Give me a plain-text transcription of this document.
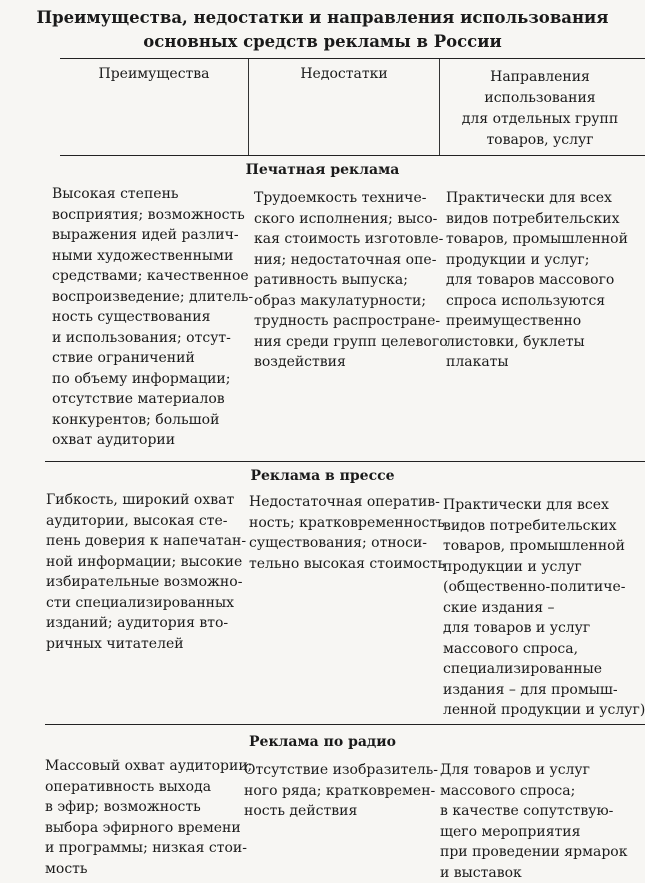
Преимущества, недостатки и направления использования
основных средств рекламы в России
Преимущества	Недостатки	Направления
использования
для отдельных групп
товаров, услуг
Печатная реклама

Высокая степень
восприятия; возможность
выражения идей различ-
ными художественными
средствами; качественное
воспроизведение; длитель-
ность существования
и использования; отсут-
ствие ограничений
по объему информации;
отсутствие материалов
конкурентов; большой
охват аудитории

Трудоемкость техниче-
ского исполнения; высо-
кая стоимость изготовле-
ния; недостаточная опе-
ративность выпуска;
образ макулатурности;
трудность распростране-
ния среди групп целевого
воздействия

Практически для всех
видов потребительских
товаров, промышленной
продукции и услуг;
для товаров массового
спроса используются
преимущественно
листовки, буклеты
плакаты

Реклама в прессе

Гибкость, широкий охват
аудитории, высокая сте-
пень доверия к напечатан-
ной информации; высокие
избирательные возможно-
сти специализированных
изданий; аудитория вто-
ричных читателей

Недостаточная оператив-
ность; кратковременность
существования; относи-
тельно высокая стоимость

Практически для всех
видов потребительских
товаров, промышленной
продукции и услуг
(общественно-политиче-
ские издания –
для товаров и услуг
массового спроса,
специализированные
издания – для промыш-
ленной продукции и услуг)

Реклама по радио

Массовый охват аудитории;
оперативность выхода
в эфир; возможность
выбора эфирного времени
и программы; низкая стои-
мость

Отсутствие изобразитель-
ного ряда; кратковремен-
ность действия

Для товаров и услуг
массового спроса;
в качестве сопутствую-
щего мероприятия
при проведении ярмарок
и выставок
